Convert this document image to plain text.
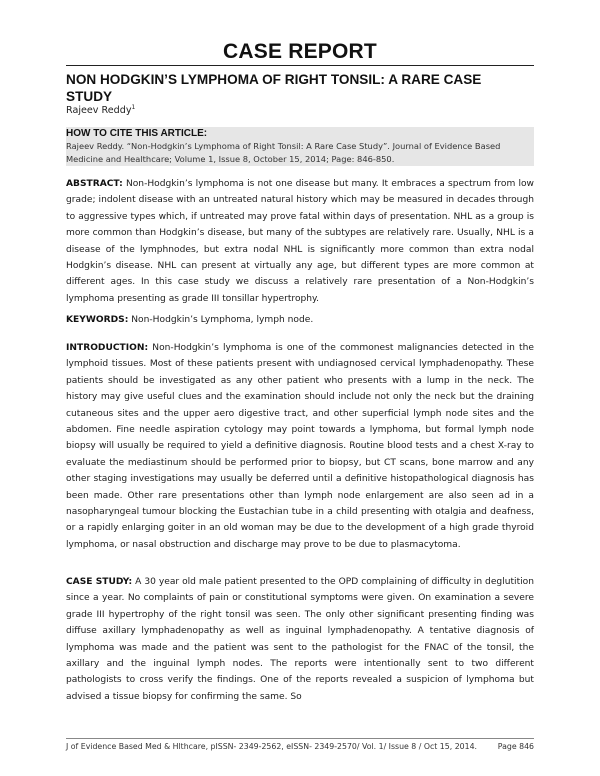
CASE REPORT
NON HODGKIN’S LYMPHOMA OF RIGHT TONSIL: A RARE CASE STUDY
Rajeev Reddy$^1$
HOW TO CITE THIS ARTICLE:
Rajeev Reddy. “Non-Hodgkin’s Lymphoma of Right Tonsil: A Rare Case Study”. Journal of Evidence Based Medicine and Healthcare; Volume 1, Issue 8, October 15, 2014; Page: 846-850.
ABSTRACT: Non-Hodgkin’s lymphoma is not one disease but many. It embraces a spectrum from low grade; indolent disease with an untreated natural history which may be measured in decades through to aggressive types which, if untreated may prove fatal within days of presentation. NHL as a group is more common than Hodgkin’s disease, but many of the subtypes are relatively rare. Usually, NHL is a disease of the lymphnodes, but extra nodal NHL is significantly more common than extra nodal Hodgkin’s disease. NHL can present at virtually any age, but different types are more common at different ages. In this case study we discuss a relatively rare presentation of a Non-Hodgkin’s lymphoma presenting as grade III tonsillar hypertrophy.
KEYWORDS: Non-Hodgkin’s Lymphoma, lymph node.
INTRODUCTION: Non-Hodgkin’s lymphoma is one of the commonest malignancies detected in the lymphoid tissues. Most of these patients present with undiagnosed cervical lymphadenopathy. These patients should be investigated as any other patient who presents with a lump in the neck. The history may give useful clues and the examination should include not only the neck but the draining cutaneous sites and the upper aero digestive tract, and other superficial lymph node sites and the abdomen. Fine needle aspiration cytology may point towards a lymphoma, but formal lymph node biopsy will usually be required to yield a definitive diagnosis. Routine blood tests and a chest X-ray to evaluate the mediastinum should be performed prior to biopsy, but CT scans, bone marrow and any other staging investigations may usually be deferred until a definitive histopathological diagnosis has been made. Other rare presentations other than lymph node enlargement are also seen ad in a nasopharyngeal tumour blocking the Eustachian tube in a child presenting with otalgia and deafness, or a rapidly enlarging goiter in an old woman may be due to the development of a high grade thyroid lymphoma, or nasal obstruction and discharge may prove to be due to plasmacytoma.
CASE STUDY: A 30 year old male patient presented to the OPD complaining of difficulty in deglutition since a year. No complaints of pain or constitutional symptoms were given. On examination a severe grade III hypertrophy of the right tonsil was seen. The only other significant presenting finding was diffuse axillary lymphadenopathy as well as inguinal lymphadenopathy. A tentative diagnosis of lymphoma was made and the patient was sent to the pathologist for the FNAC of the tonsil, the axillary and the inguinal lymph nodes. The reports were intentionally sent to two different pathologists to cross verify the findings. One of the reports revealed a suspicion of lymphoma but advised a tissue biopsy for confirming the same. So
J of Evidence Based Med & Hlthcare, pISSN- 2349-2562, eISSN- 2349-2570/ Vol. 1/ Issue 8 / Oct 15, 2014.	Page 846
